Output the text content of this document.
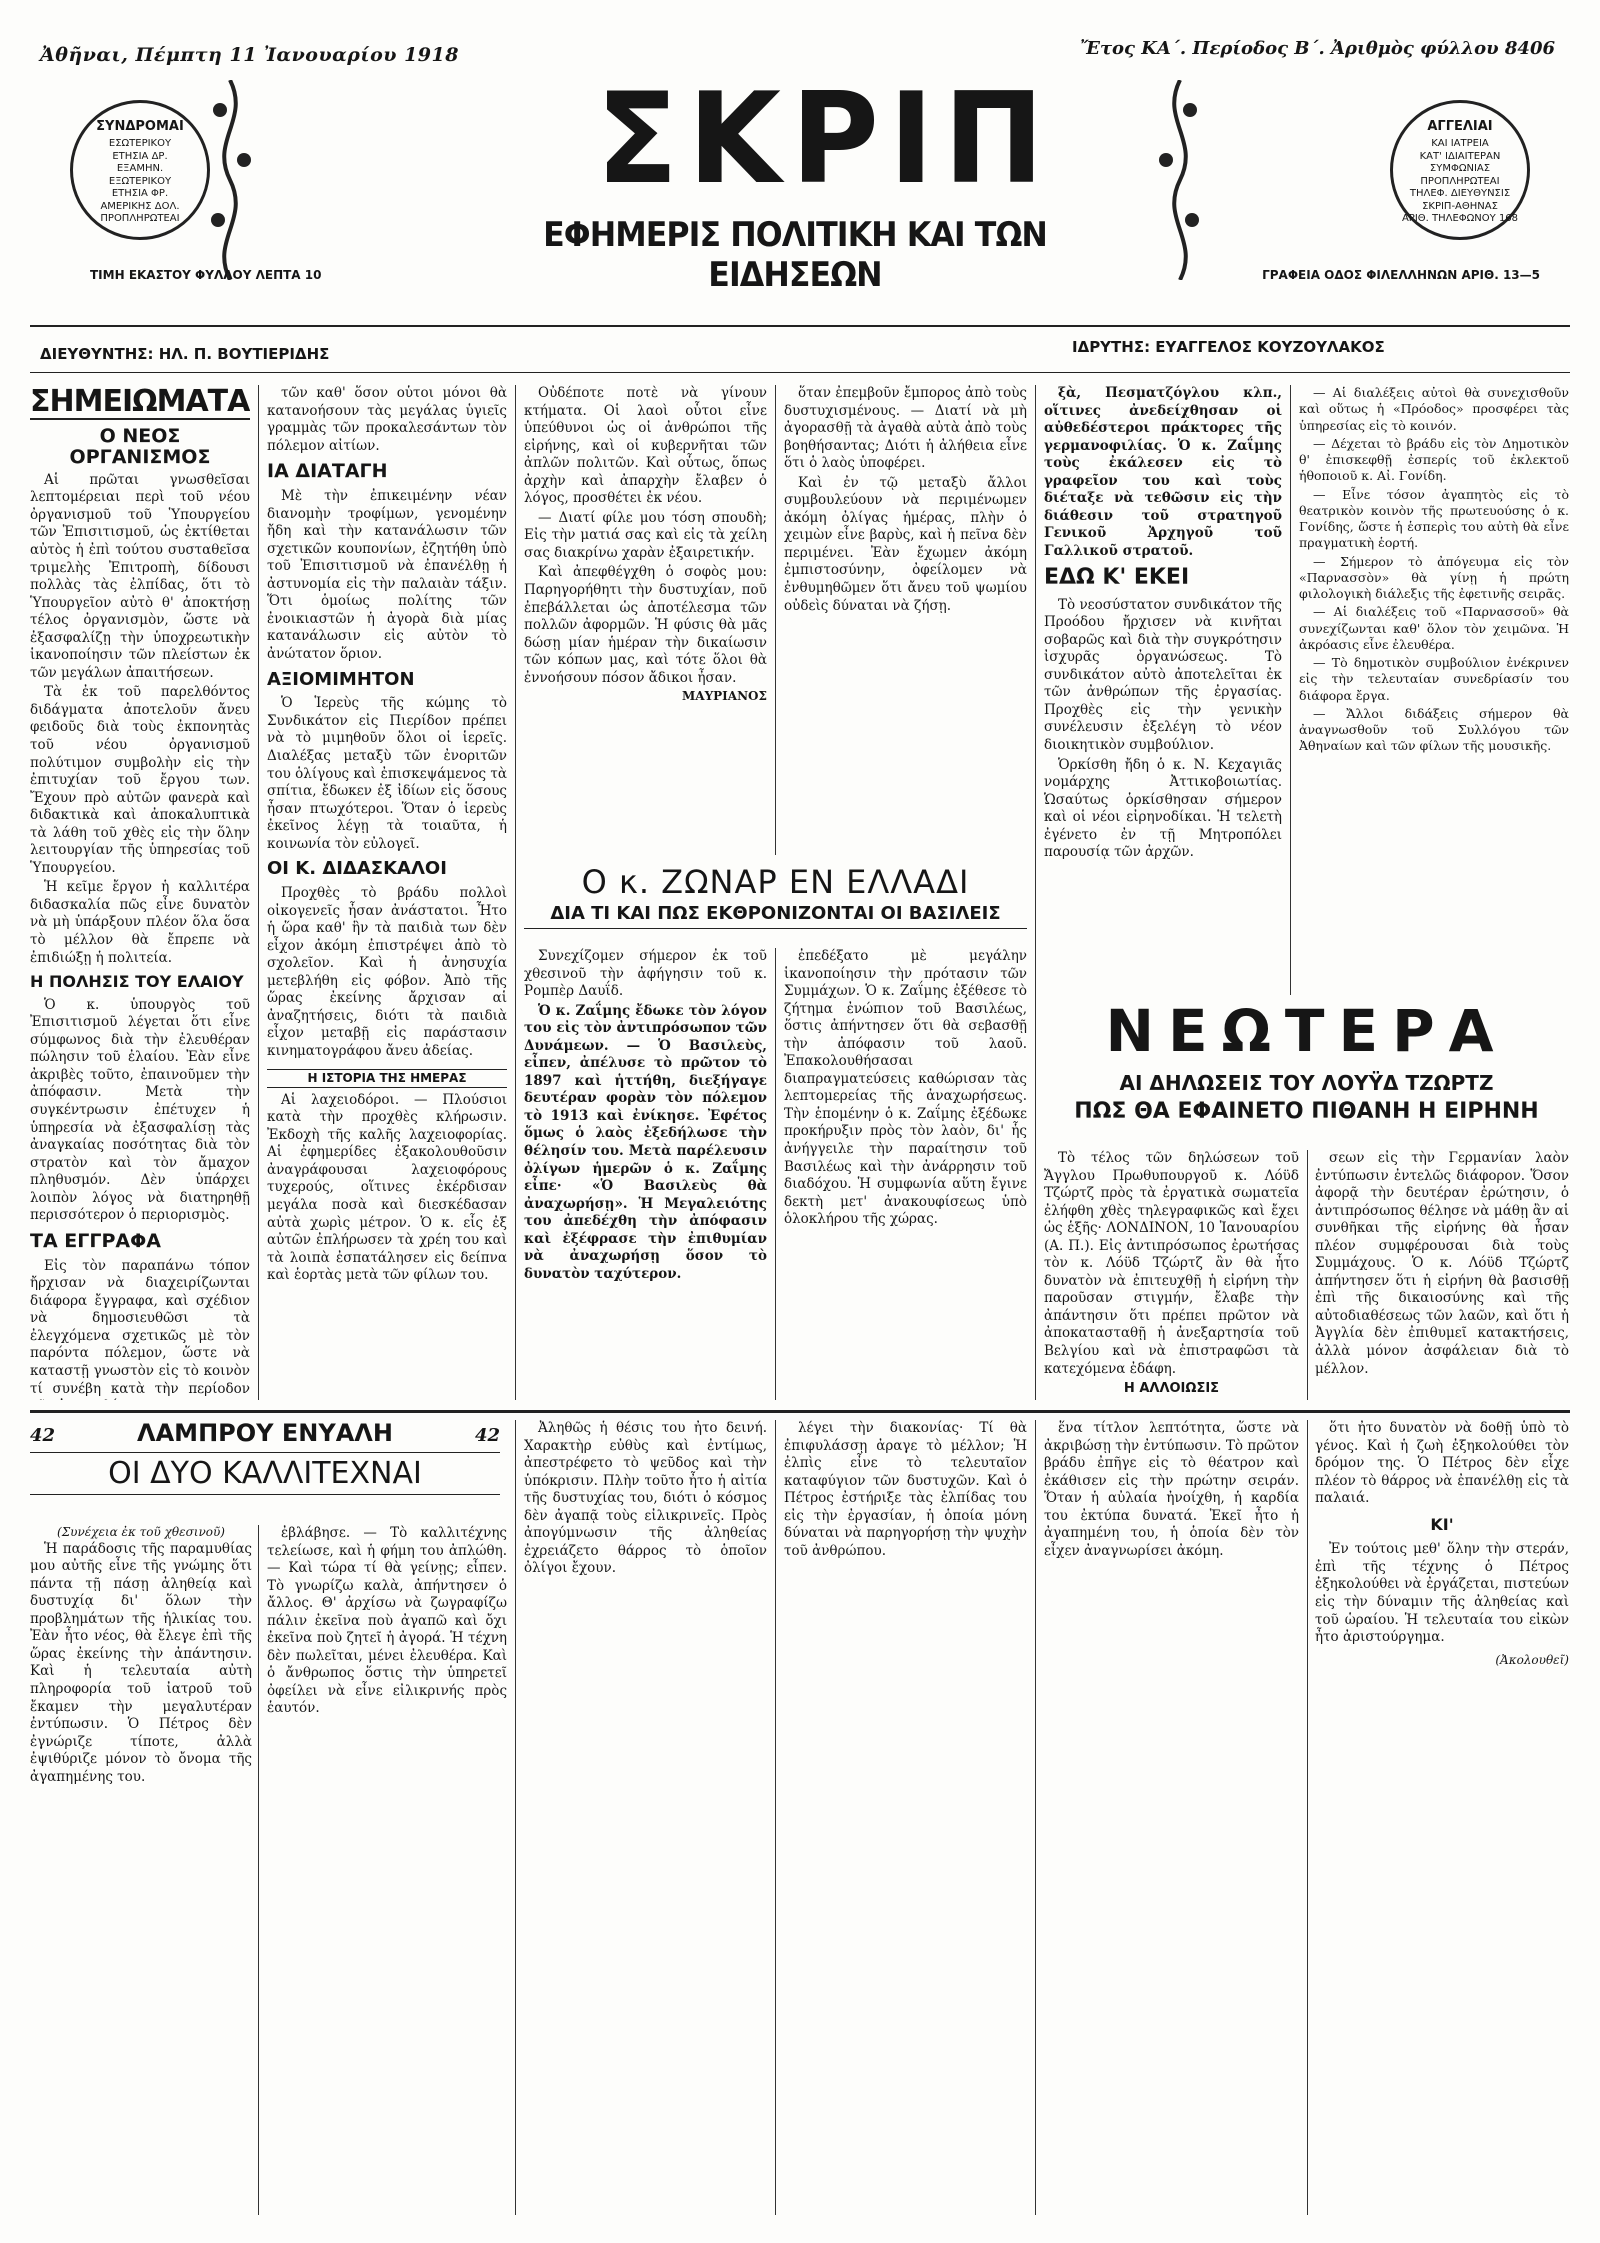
Ἀθῆναι, Πέμπτη 11 Ἰανουαρίου 1918	Ἔτος ΚΑ΄. Περίοδος Β΄. Ἀριθμὸς φύλλου 8406
ΣΥΝΔΡΟΜΑΙ
ΕΣΩΤΕΡΙΚΟΥ
ΕΤΗΣΙΑ ΔΡ.
ΕΞΑΜΗΝ.
ΕΞΩΤΕΡΙΚΟΥ
ΕΤΗΣΙΑ ΦΡ.
ΑΜΕΡΙΚΗΣ ΔΟΛ.
ΠΡΟΠΛΗΡΩΤΕΑΙ
ΑΓΓΕΛΙΑΙ
ΚΑΙ ΙΑΤΡΕΙΑ
ΚΑΤ' ΙΔΙΑΙΤΕΡΑΝ
ΣΥΜΦΩΝΙΑΣ
ΠΡΟΠΛΗΡΩΤΕΑΙ
ΤΗΛΕΦ. ΔΙΕΥΘΥΝΣΙΣ
ΣΚΡΙΠ-ΑΘΗΝΑΣ
ΑΡΙΘ. ΤΗΛΕΦΩΝΟΥ 168
ΣΚΡΙΠ
ΕΦΗΜΕΡΙΣ ΠΟΛΙΤΙΚΗ ΚΑΙ ΤΩΝ ΕΙΔΗΣΕΩΝ
ΤΙΜΗ ΕΚΑΣΤΟΥ ΦΥΛΛΟΥ ΛΕΠΤΑ 10	ΓΡΑΦΕΙΑ ΟΔΟΣ ΦΙΛΕΛΛΗΝΩΝ ΑΡΙΘ. 13—5
ΔΙΕΥΘΥΝΤΗΣ: ΗΛ. Π. ΒΟΥΤΙΕΡΙΔΗΣ	ΙΔΡΥΤΗΣ: ΕΥΑΓΓΕΛΟΣ ΚΟΥΖΟΥΛΑΚΟΣ
ΣΗΜΕΙΩΜΑΤΑ
Ο ΝΕΟΣ ΟΡΓΑΝΙΣΜΟΣ

Αἱ πρῶται γνωσθεῖσαι λεπτομέρειαι περὶ τοῦ νέου ὀργανισμοῦ τοῦ Ὑπουργείου τῶν Ἐπισιτισμοῦ, ὡς ἐκτίθεται αὐτὸς ἡ ἐπὶ τούτου συσταθεῖσα τριμελὴς Ἐπιτροπὴ, δίδουσι πολλὰς τὰς ἐλπίδας, ὅτι τὸ Ὑπουργεῖον αὐτὸ θ' ἀποκτήσῃ τέλος ὀργανισμὸν, ὥστε νὰ ἐξασφαλίζῃ τὴν ὑποχρεωτικὴν ἱκανοποίησιν τῶν πλείστων ἐκ τῶν μεγάλων ἀπαιτήσεων.

Τὰ ἐκ τοῦ παρελθόντος διδάγματα ἀποτελοῦν ἄνευ φειδοῦς διὰ τοὺς ἐκπονητὰς τοῦ νέου ὀργανισμοῦ πολύτιμον συμβολὴν εἰς τὴν ἐπιτυχίαν τοῦ ἔργου των. Ἔχουν πρὸ αὐτῶν φανερὰ καὶ διδακτικὰ καὶ ἀποκαλυπτικὰ τὰ λάθη τοῦ χθὲς εἰς τὴν ὅλην λειτουργίαν τῆς ὑπηρεσίας τοῦ Ὑπουργείου.

Ἡ κεῖμε ἔργον ἡ καλλιτέρα διδασκαλία πῶς εἶνε δυνατὸν νὰ μὴ ὑπάρξουν πλέον ὅλα ὅσα τὸ μέλλον θὰ ἔπρεπε νὰ ἐπιδιώξῃ ἡ πολιτεία.

Η ΠΟΛΗΣΙΣ ΤΟΥ ΕΛΑΙΟΥ

Ὁ κ. ὑπουργὸς τοῦ Ἐπισιτισμοῦ λέγεται ὅτι εἶνε σύμφωνος διὰ τὴν ἐλευθέραν πώλησιν τοῦ ἐλαίου. Ἐὰν εἶνε ἀκριβὲς τοῦτο, ἐπαινοῦμεν τὴν ἀπόφασιν. Μετὰ τὴν συγκέντρωσιν ἐπέτυχεν ἡ ὑπηρεσία νὰ ἐξασφαλίσῃ τὰς ἀναγκαίας ποσότητας διὰ τὸν στρατὸν καὶ τὸν ἄμαχον πληθυσμόν. Δὲν ὑπάρχει λοιπὸν λόγος νὰ διατηρηθῇ περισσότερον ὁ περιορισμὸς.

ΤΑ ΕΓΓΡΑΦΑ

Εἰς τὸν παραπάνω τόπον ἤρχισαν νὰ διαχειρίζωνται διάφορα ἔγγραφα, καὶ σχέδιον νὰ δημοσιευθῶσι τὰ ἐλεγχόμενα σχετικῶς μὲ τὸν παρόντα πόλεμον, ὥστε νὰ καταστῇ γνωστὸν εἰς τὸ κοινὸν τί συνέβη κατὰ τὴν περίοδον

τῶν καθ' ὅσον οὗτοι μόνοι θὰ κατανοήσουν τὰς μεγάλας ὑγιεῖς γραμμὰς τῶν προκαλεσάντων τὸν πόλεμον αἰτίων.

ΙΑ ΔΙΑΤΑΓΗ

Μὲ τὴν ἐπικειμένην νέαν διανομὴν τροφίμων, γενομένην ἤδη καὶ τὴν κατανάλωσιν τῶν σχετικῶν κουπονίων, ἐζητήθη ὑπὸ τοῦ Ἐπισιτισμοῦ νὰ ἐπανέλθῃ ἡ ἀστυνομία εἰς τὴν παλαιὰν τάξιν. Ὅτι ὁμοίως πολίτης τῶν ἐνοικιαστῶν ἡ ἀγορὰ διὰ μίας κατανάλωσιν εἰς αὐτὸν τὸ ἀνώτατον ὅριον.

ΑΞΙΟΜΙΜΗΤΟΝ

Ὁ Ἱερεὺς τῆς κώμης τὸ Συνδικάτον εἰς Πιερίδον πρέπει νὰ τὸ μιμηθοῦν ὅλοι οἱ ἱερεῖς. Διαλέξας μεταξὺ τῶν ἐνοριτῶν του ὁλίγους καὶ ἐπισκεψάμενος τὰ σπίτια, ἔδωκεν ἐξ ἰδίων εἰς ὅσους ἦσαν πτωχότεροι. Ὅταν ὁ ἱερεὺς ἐκεῖνος λέγῃ τὰ τοιαῦτα, ἡ κοινωνία τὸν εὐλογεῖ.

ΟΙ Κ. ΔΙΔΑΣΚΑΛΟΙ

Προχθὲς τὸ βράδυ πολλοὶ οἰκογενεῖς ἦσαν ἀνάστατοι. Ἦτο ἡ ὥρα καθ' ἣν τὰ παιδιὰ των δὲν εἶχον ἀκόμη ἐπιστρέψει ἀπὸ τὸ σχολεῖον. Καὶ ἡ ἀνησυχία μετεβλήθη εἰς φόβον. Ἀπὸ τῆς ὥρας ἐκείνης ἄρχισαν αἱ ἀναζητήσεις, διότι τὰ παιδιὰ εἶχον μεταβῇ εἰς παράστασιν κινηματογράφου ἄνευ ἀδείας.

Η ΙΣΤΟΡΙΑ ΤΗΣ ΗΜΕΡΑΣ

Αἱ λαχειοδόροι. — Πλούσιοι κατὰ τὴν προχθὲς κλήρωσιν. Ἐκδοχὴ τῆς καλῆς λαχειοφορίας. Αἱ ἐφημερίδες ἐξακολουθοῦσιν ἀναγράφουσαι λαχειοφόρους τυχερούς, οἵτινες ἐκέρδισαν μεγάλα ποσὰ καὶ διεσκέδασαν αὐτὰ χωρὶς μέτρον. Ὁ κ. εἷς ἐξ αὐτῶν ἐπλήρωσεν τὰ χρέη του καὶ τὰ λοιπὰ ἐσπατάλησεν εἰς δείπνα καὶ ἑορτὰς μετὰ τῶν φίλων του.

Οὐδέποτε ποτὲ νὰ γίνουν κτήματα. Οἱ λαοὶ οὗτοι εἶνε ὑπεύθυνοι ὡς οἱ ἀνθρώποι τῆς εἰρήνης, καὶ οἱ κυβερνῆται τῶν ἀπλῶν πολιτῶν. Καὶ οὗτως, ὅπως ἀρχὴν καὶ ἀπαρχὴν ἔλαβεν ὁ λόγος, προσθέτει ἐκ νέου.

— Διατί φίλε μου τόση σπουδὴ; Εἰς τὴν ματιά σας καὶ εἰς τὰ χείλη σας διακρίνω χαρὰν ἐξαιρετικήν.

Καὶ ἀπεφθέγχθη ὁ σοφὸς μου: Παρηγορήθητι τὴν δυστυχίαν, ποῦ ἐπεβάλλεται ὡς ἀποτέλεσμα τῶν πολλῶν ἀφορμῶν. Ἡ φύσις θὰ μᾶς δώσῃ μίαν ἡμέραν τὴν δικαίωσιν τῶν κόπων μας, καὶ τότε ὅλοι θὰ ἐννοήσουν πόσον ἄδικοι ἦσαν.

ΜΑΥΡΙΑΝΟΣ

ὅταν ἐπεμβοῦν ἔμπορος ἀπὸ τοὺς δυστυχισμένους. — Διατί νὰ μὴ ἀγορασθῇ τὰ ἀγαθὰ αὐτὰ ἀπὸ τοὺς βοηθήσαντας; Διότι ἡ ἀλήθεια εἶνε ὅτι ὁ λαὸς ὑποφέρει.

Καὶ ἐν τῷ μεταξὺ ἄλλοι συμβουλεύουν νὰ περιμένωμεν ἀκόμη ὀλίγας ἡμέρας, πλὴν ὁ χειμὼν εἶνε βαρὺς, καὶ ἡ πεῖνα δὲν περιμένει. Ἐὰν ἔχωμεν ἀκόμη ἐμπιστοσύνην, ὀφείλομεν νὰ ἐνθυμηθῶμεν ὅτι ἄνευ τοῦ ψωμίου οὐδεὶς δύναται νὰ ζήσῃ.

Ο κ. ΖΩΝΑΡ ΕΝ ΕΛΛΑΔΙ
ΔΙΑ ΤΙ ΚΑΙ ΠΩΣ ΕΚΘΡΟΝΙΖΟΝΤΑΙ ΟΙ ΒΑΣΙΛΕΙΣ

Συνεχίζομεν σήμερον ἐκ τοῦ χθεσινοῦ τὴν ἀφήγησιν τοῦ κ. Ρομπὲρ Δαυΐδ.

Ὁ κ. Ζαΐμης ἔδωκε τὸν λόγον του εἰς τὸν ἀντιπρόσωπον τῶν Δυνάμεων. — Ὁ Βασιλεὺς, εἶπεν, ἀπέλυσε τὸ πρῶτον τὸ 1897 καὶ ἡττήθη, διεξήγαγε δευτέραν φορὰν τὸν πόλεμον τὸ 1913 καὶ ἐνίκησε. Ἐφέτος ὅμως ὁ λαὸς ἐξεδήλωσε τὴν θέλησίν του. Μετὰ παρέλευσιν ὀλίγων ἡμερῶν ὁ κ. Ζαΐμης εἶπε· «Ὁ Βασιλεὺς θὰ ἀναχωρήσῃ». Ἡ Μεγαλειότης του ἀπεδέχθη τὴν ἀπόφασιν καὶ ἐξέφρασε τὴν ἐπιθυμίαν νὰ ἀναχωρήσῃ ὅσον τὸ δυνατὸν ταχύτερον.

ἐπεδέξατο μὲ μεγάλην ἱκανοποίησιν τὴν πρότασιν τῶν Συμμάχων. Ὁ κ. Ζαΐμης ἐξέθεσε τὸ ζήτημα ἐνώπιον τοῦ Βασιλέως, ὅστις ἀπήντησεν ὅτι θὰ σεβασθῇ τὴν ἀπόφασιν τοῦ λαοῦ. Ἐπακολουθήσασαι διαπραγματεύσεις καθώρισαν τὰς λεπτομερείας τῆς ἀναχωρήσεως. Τὴν ἑπομένην ὁ κ. Ζαΐμης ἐξέδωκε προκήρυξιν πρὸς τὸν λαὸν, δι' ἧς ἀνήγγειλε τὴν παραίτησιν τοῦ Βασιλέως καὶ τὴν ἀνάρρησιν τοῦ διαδόχου. Ἡ συμφωνία αὕτη ἔγινε δεκτὴ μετ' ἀνακουφίσεως ὑπὸ ὁλοκλήρου τῆς χώρας.

ξὰ, Πεσματζόγλου κλπ., οἵτινες ἀνεδείχθησαν οἱ αὐθεδέστεροι πράκτορες τῆς γερμανοφιλίας. Ὁ κ. Ζαΐμης τοὺς ἐκάλεσεν εἰς τὸ γραφεῖον του καὶ τοὺς διέταξε νὰ τεθῶσιν εἰς τὴν διάθεσιν τοῦ στρατηγοῦ Γενικοῦ Ἀρχηγοῦ τοῦ Γαλλικοῦ στρατοῦ.

ΕΔΩ Κ' ΕΚΕΙ

Τὸ νεοσύστατον συνδικάτον τῆς Προόδου ἤρχισεν νὰ κινῆται σοβαρῶς καὶ διὰ τὴν συγκρότησιν ἰσχυρᾶς ὀργανώσεως. Τὸ συνδικάτον αὐτὸ ἀποτελεῖται ἐκ τῶν ἀνθρώπων τῆς ἐργασίας. Προχθὲς εἰς τὴν γενικὴν συνέλευσιν ἐξελέγη τὸ νέον διοικητικὸν συμβούλιον.

Ὁρκίσθη ἤδη ὁ κ. Ν. Κεχαγιᾶς νομάρχης Ἀττικοβοιωτίας. Ὡσαύτως ὁρκίσθησαν σήμερον καὶ οἱ νέοι εἰρηνοδίκαι. Ἡ τελετὴ ἐγένετο ἐν τῇ Μητροπόλει παρουσίᾳ τῶν ἀρχῶν.

— Αἱ διαλέξεις αὐτοὶ θὰ συνεχισθοῦν καὶ οὕτως ἡ «Πρόοδος» προσφέρει τὰς ὑπηρεσίας εἰς τὸ κοινόν.

— Δέχεται τὸ βράδυ εἰς τὸν Δημοτικὸν θ' ἐπισκεφθῇ ἐσπερίς τοῦ ἐκλεκτοῦ ἡθοποιοῦ κ. Αἰ. Γονίδη.

— Εἶνε τόσον ἀγαπητὸς εἰς τὸ θεατρικὸν κοινὸν τῆς πρωτευούσης ὁ κ. Γονίδης, ὥστε ἡ ἑσπερὶς του αὐτὴ θὰ εἶνε πραγματικὴ ἑορτή.

— Σήμερον τὸ ἀπόγευμα εἰς τὸν «Παρνασσὸν» θὰ γίνῃ ἡ πρώτη φιλολογικὴ διάλεξις τῆς ἐφετινῆς σειρᾶς.

— Αἱ διαλέξεις τοῦ «Παρνασσοῦ» θὰ συνεχίζωνται καθ' ὅλον τὸν χειμῶνα. Ἡ ἀκρόασις εἶνε ἐλευθέρα.

— Τὸ δημοτικὸν συμβούλιον ἐνέκρινεν εἰς τὴν τελευταίαν συνεδρίασίν του διάφορα ἔργα.

— Ἄλλοι διδάξεις σήμερον θὰ ἀναγνωσθοῦν τοῦ Συλλόγου τῶν Ἀθηναίων καὶ τῶν φίλων τῆς μουσικῆς.

ΝΕΩΤΕΡΑ
ΑΙ ΔΗΛΩΣΕΙΣ ΤΟΥ ΛΟΥΫΔ ΤΖΩΡΤΖ
ΠΩΣ ΘΑ ΕΦΑΙΝΕΤΟ ΠΙΘΑΝΗ Η ΕΙΡΗΝΗ

Τὸ τέλος τῶν δηλώσεων τοῦ Ἄγγλου Πρωθυπουργοῦ κ. Λόϋδ Τζώρτζ πρὸς τὰ ἐργατικὰ σωματεῖα ἐλήφθη χθὲς τηλεγραφικῶς καὶ ἔχει ὡς ἑξῆς· ΛΟΝΔΙΝΟΝ, 10 Ἰανουαρίου (Α. Π.). Εἰς ἀντιπρόσωπος ἐρωτήσας τὸν κ. Λόϋδ Τζώρτζ ἂν θὰ ἦτο δυνατὸν νὰ ἐπιτευχθῇ ἡ εἰρήνη τὴν παροῦσαν στιγμήν, ἔλαβε τὴν ἀπάντησιν ὅτι πρέπει πρῶτον νὰ ἀποκατασταθῇ ἡ ἀνεξαρτησία τοῦ Βελγίου καὶ νὰ ἐπιστραφῶσι τὰ κατεχόμενα ἐδάφη.

Η ΑΛΛΟΙΩΣΙΣ

σεων εἰς τὴν Γερμανίαν λαὸν ἐντύπωσιν ἐντελῶς διάφορον. Ὅσον ἀφορᾷ τὴν δευτέραν ἐρώτησιν, ὁ ἀντιπρόσωπος θέλησε νὰ μάθῃ ἂν αἱ συνθῆκαι τῆς εἰρήνης θὰ ἦσαν πλέον συμφέρουσαι διὰ τοὺς Συμμάχους. Ὁ κ. Λόϋδ Τζώρτζ ἀπήντησεν ὅτι ἡ εἰρήνη θὰ βασισθῇ ἐπὶ τῆς δικαιοσύνης καὶ τῆς αὐτοδιαθέσεως τῶν λαῶν, καὶ ὅτι ἡ Ἀγγλία δὲν ἐπιθυμεῖ κατακτήσεις, ἀλλὰ μόνον ἀσφάλειαν διὰ τὸ μέλλον.

42	ΛΑΜΠΡΟΥ ΕΝΥΑΛΗ	42
ΟΙ ΔΥΟ ΚΑΛΛΙΤΕΧΝΑΙ
(Συνέχεια ἐκ τοῦ χθεσινοῦ)

Ἡ παράδοσις τῆς παραμυθίας μου αὐτῆς εἶνε τῆς γνώμης ὅτι πάντα τῇ πάσῃ ἀληθείᾳ καὶ δυστυχίᾳ δι' ὅλων τὴν προβλημάτων τῆς ἡλικίας του. Ἐὰν ἦτο νέος, θὰ ἔλεγε ἐπὶ τῆς ὥρας ἐκείνης τὴν ἀπάντησιν. Καὶ ἡ τελευταία αὐτὴ πληροφορία τοῦ ἰατροῦ τοῦ ἔκαμεν τὴν μεγαλυτέραν ἐντύπωσιν. Ὁ Πέτρος δὲν ἐγνώριζε τίποτε, ἀλλὰ ἐψιθύριζε μόνον τὸ ὄνομα τῆς ἀγαπημένης του.

ἐβλάβησε. — Τὸ καλλιτέχνης τελείωσε, καὶ ἡ φήμη του ἀπλώθη. — Καὶ τώρα τί θὰ γείνῃς; εἶπεν. Τὸ γνωρίζω καλὰ, ἀπήντησεν ὁ ἄλλος. Θ' ἀρχίσω νὰ ζωγραφίζω πάλιν ἐκεῖνα ποὺ ἀγαπῶ καὶ ὄχι ἐκεῖνα ποὺ ζητεῖ ἡ ἀγορά. Ἡ τέχνη δὲν πωλεῖται, μένει ἐλευθέρα. Καὶ ὁ ἄνθρωπος ὅστις τὴν ὑπηρετεῖ ὀφείλει νὰ εἶνε εἰλικρινής πρὸς ἑαυτόν.

Ἀληθῶς ἡ θέσις του ἦτο δεινή. Χαρακτὴρ εὐθὺς καὶ ἐντίμως, ἀπεστρέφετο τὸ ψεῦδος καὶ τὴν ὑπόκρισιν. Πλὴν τοῦτο ἦτο ἡ αἰτία τῆς δυστυχίας του, διότι ὁ κόσμος δὲν ἀγαπᾷ τοὺς εἰλικρινεῖς. Πρὸς ἀπογύμνωσιν τῆς ἀληθείας ἐχρειάζετο θάρρος τὸ ὁποῖον ὀλίγοι ἔχουν.

λέγει τὴν διακονίας· Τί θὰ ἐπιφυλάσσῃ ἀραγε τὸ μέλλον; Ἡ ἐλπὶς εἶνε τὸ τελευταῖον καταφύγιον τῶν δυστυχῶν. Καὶ ὁ Πέτρος ἐστήριξε τὰς ἐλπίδας του εἰς τὴν ἐργασίαν, ἡ ὁποία μόνη δύναται νὰ παρηγορήσῃ τὴν ψυχὴν τοῦ ἀνθρώπου.

ἕνα τίτλον λεπτότητα, ὥστε νὰ ἀκριβώσῃ τὴν ἐντύπωσιν. Τὸ πρῶτον βράδυ ἐπῆγε εἰς τὸ θέατρον καὶ ἐκάθισεν εἰς τὴν πρώτην σειράν. Ὅταν ἡ αὐλαία ἠνοίχθη, ἡ καρδία του ἐκτύπα δυνατά. Ἐκεῖ ἦτο ἡ ἀγαπημένη του, ἡ ὁποία δὲν τὸν εἶχεν ἀναγνωρίσει ἀκόμη.

ὅτι ἦτο δυνατὸν νὰ δοθῇ ὑπὸ τὸ γένος. Καὶ ἡ ζωὴ ἐξηκολούθει τὸν δρόμον της. Ὁ Πέτρος δὲν εἶχε πλέον τὸ θάρρος νὰ ἐπανέλθῃ εἰς τὰ παλαιά.

ΚΙ'

Ἐν τούτοις μεθ' ὅλην τὴν στεράν, ἐπὶ τῆς τέχνης ὁ Πέτρος ἐξηκολούθει νὰ ἐργάζεται, πιστεύων εἰς τὴν δύναμιν τῆς ἀληθείας καὶ τοῦ ὡραίου. Ἡ τελευταία του εἰκὼν ἦτο ἀριστούργημα.

(Ἀκολουθεῖ)
